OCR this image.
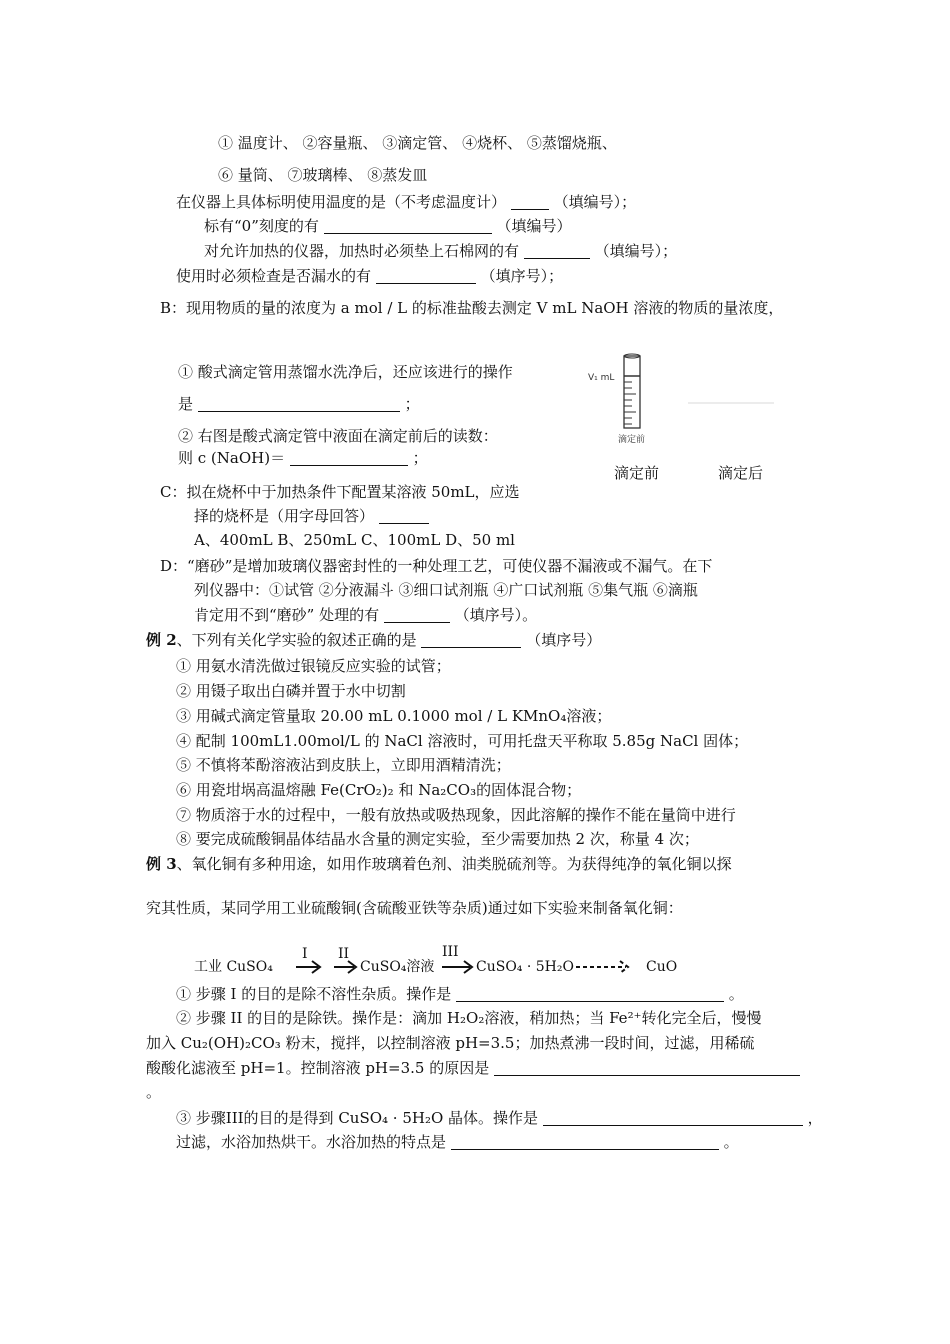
① 温度计、 ②容量瓶、 ③滴定管、 ④烧杯、 ⑤蒸馏烧瓶、
⑥ 量筒、 ⑦玻璃棒、 ⑧蒸发皿
在仪器上具体标明使用温度的是（不考虑温度计）	（填编号）；
标有“0”刻度的有	（填编号）
对允许加热的仪器，加热时必须垫上石棉网的有	（填编号）；
使用时必须检查是否漏水的有	（填序号）；
B：现用物质的量的浓度为 a mol / L 的标准盐酸去测定 V mL NaOH 溶液的物质的量浓度，
① 酸式滴定管用蒸馏水洗净后，还应该进行的操作
是	；
② 右图是酸式滴定管中液面在滴定前后的读数：
则 c (NaOH)＝	；
V₁ mL
滴定前
滴定前	滴定后
C：拟在烧杯中于加热条件下配置某溶液 50mL，应选
择的烧杯是（用字母回答）
A、400mL B、250mL C、100mL D、50 ml
D：“磨砂”是增加玻璃仪器密封性的一种处理工艺，可使仪器不漏液或不漏气。在下
列仪器中：①试管 ②分液漏斗 ③细口试剂瓶 ④广口试剂瓶 ⑤集气瓶 ⑥滴瓶
肯定用不到“磨砂” 处理的有	（填序号）。
例 2、下列有关化学实验的叙述正确的是	（填序号）
① 用氨水清洗做过银镜反应实验的试管；
② 用镊子取出白磷并置于水中切割
③ 用碱式滴定管量取 20.00 mL 0.1000 mol / L KMnO₄溶液；
④ 配制 100mL1.00mol/L 的 NaCl 溶液时，可用托盘天平称取 5.85g NaCl 固体；
⑤ 不慎将苯酚溶液沾到皮肤上，立即用酒精清洗；
⑥ 用瓷坩埚高温熔融 Fe(CrO₂)₂ 和 Na₂CO₃的固体混合物；
⑦ 物质溶于水的过程中，一般有放热或吸热现象，因此溶解的操作不能在量筒中进行
⑧ 要完成硫酸铜晶体结晶水含量的测定实验，至少需要加热 2 次，称量 4 次；
例 3、氧化铜有多种用途，如用作玻璃着色剂、油类脱硫剂等。为获得纯净的氧化铜以探
究其性质，某同学用工业硫酸铜(含硫酸亚铁等杂质)通过如下实验来制备氧化铜：
工业 CuSO₄
I II
CuSO₄溶液
III
CuSO₄ · 5H₂O	CuO
① 步骤 I 的目的是除不溶性杂质。操作是	。
② 步骤 II 的目的是除铁。操作是：滴加 H₂O₂溶液，稍加热；当 Fe²⁺转化完全后，慢慢
加入 Cu₂(OH)₂CO₃ 粉末，搅拌，以控制溶液 pH=3.5；加热煮沸一段时间，过滤，用稀硫
酸酸化滤液至 pH=1。控制溶液 pH=3.5 的原因是
。
③ 步骤III的目的是得到 CuSO₄ · 5H₂O 晶体。操作是	，
过滤，水浴加热烘干。水浴加热的特点是	。
